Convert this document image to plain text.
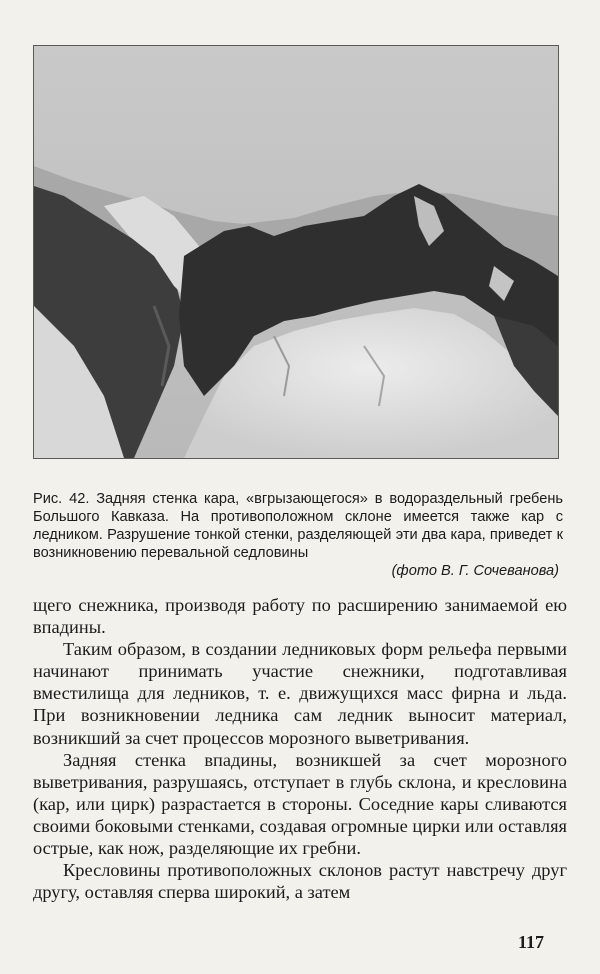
Рис. 42. Задняя стенка кара, «вгрызающегося» в водораздельный гребень Большого Кавказа. На противоположном склоне имеется также кар с ледником. Разрушение тонкой стенки, разделяющей эти два кара, приведет к возникновению перевальной седловины

(фото В. Г. Сочеванова)

щего снежника, производя работу по расширению занимаемой ею впадины.

Таким образом, в создании ледниковых форм рельефа первыми начинают принимать участие снежники, подготавливая вместилища для ледников, т. е. движущихся масс фирна и льда. При возникновении ледника сам ледник выносит материал, возникший за счет процессов морозного выветривания.

Задняя стенка впадины, возникшей за счет морозного выветривания, разрушаясь, отступает в глубь склона, и кресловина (кар, или цирк) разрастается в стороны. Соседние кары сливаются своими боковыми стенками, создавая огромные цирки или оставляя острые, как нож, разделяющие их гребни.

Кресловины противоположных склонов растут навстречу друг другу, оставляя сперва широкий, а затем

117
